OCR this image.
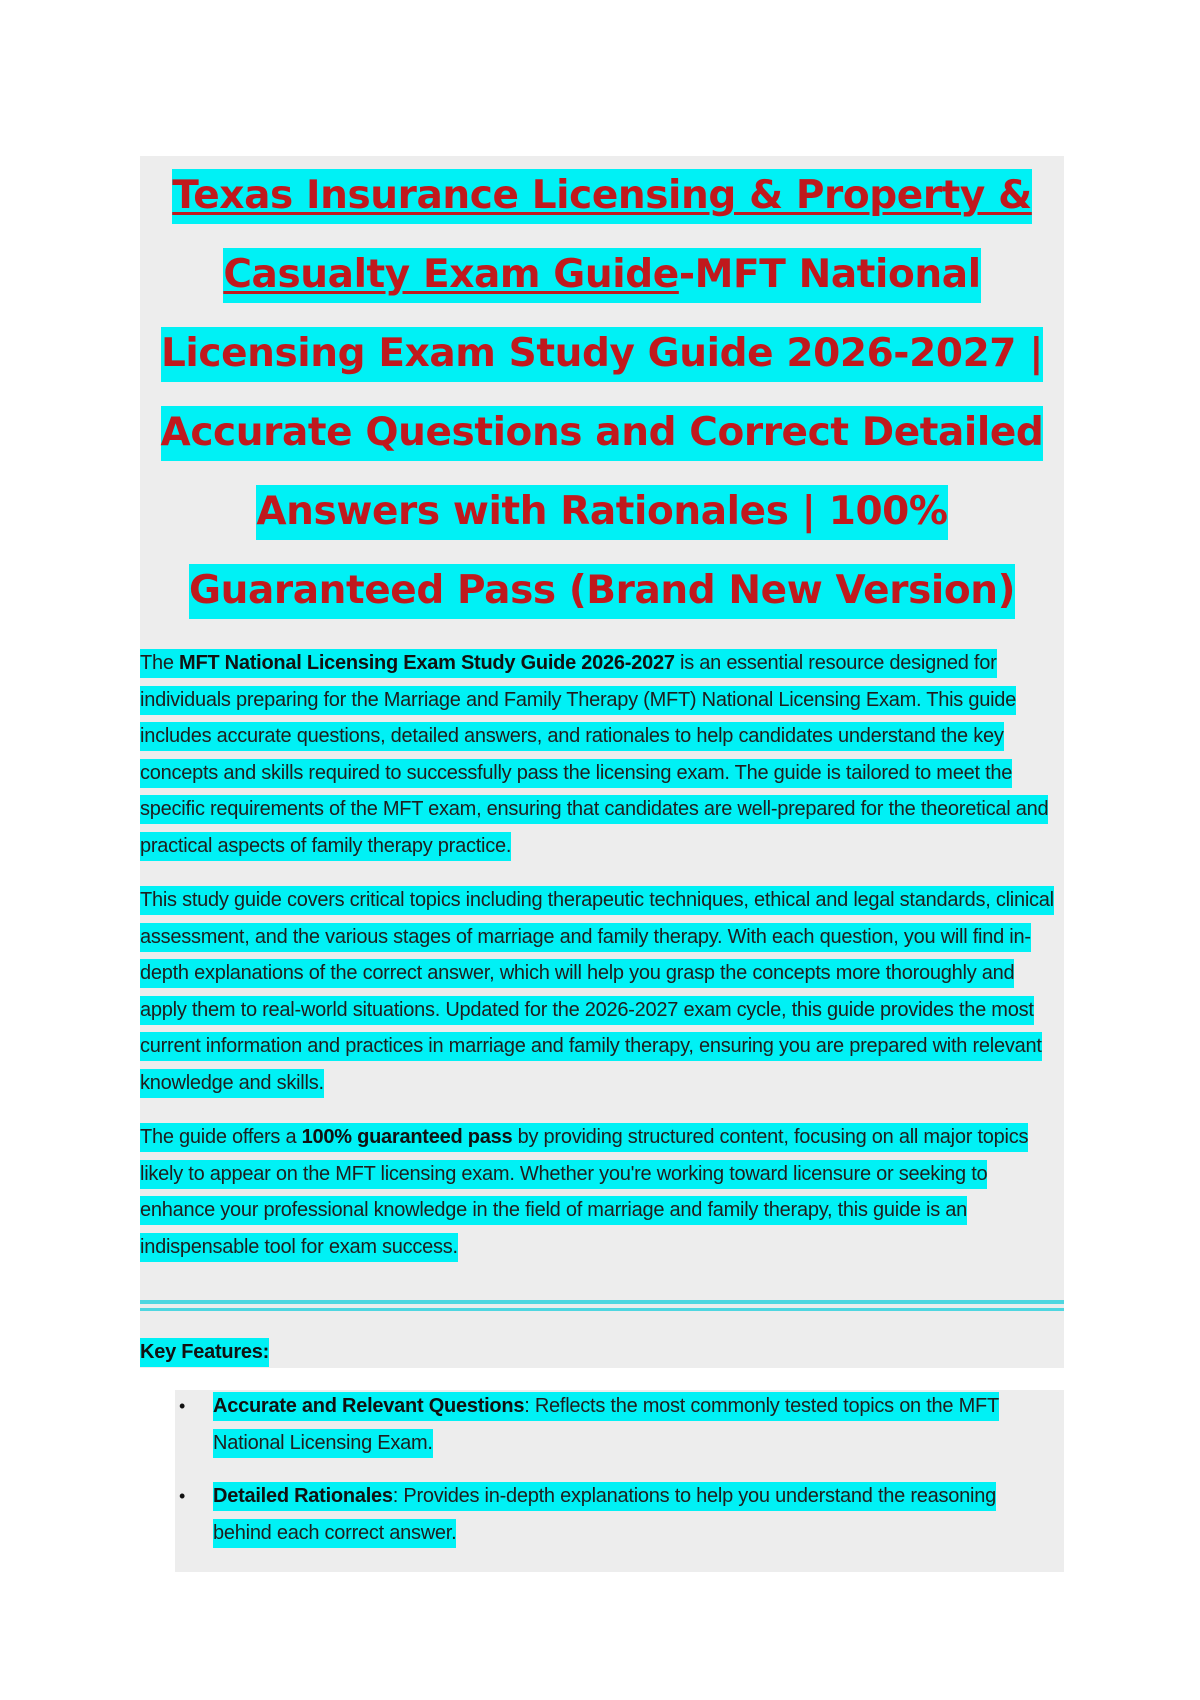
Texas Insurance Licensing & Property & Casualty Exam Guide-MFT National Licensing Exam Study Guide 2026-2027 | Accurate Questions and Correct Detailed Answers with Rationales | 100% Guaranteed Pass (Brand New Version)

The MFT National Licensing Exam Study Guide 2026-2027 is an essential resource designed for individuals preparing for the Marriage and Family Therapy (MFT) National Licensing Exam. This guide includes accurate questions, detailed answers, and rationales to help candidates understand the key concepts and skills required to successfully pass the licensing exam. The guide is tailored to meet the specific requirements of the MFT exam, ensuring that candidates are well-prepared for the theoretical and practical aspects of family therapy practice.

This study guide covers critical topics including therapeutic techniques, ethical and legal standards, clinical assessment, and the various stages of marriage and family therapy. With each question, you will find in-depth explanations of the correct answer, which will help you grasp the concepts more thoroughly and apply them to real-world situations. Updated for the 2026-2027 exam cycle, this guide provides the most current information and practices in marriage and family therapy, ensuring you are prepared with relevant knowledge and skills.

The guide offers a 100% guaranteed pass by providing structured content, focusing on all major topics likely to appear on the MFT licensing exam. Whether you're working toward licensure or seeking to enhance your professional knowledge in the field of marriage and family therapy, this guide is an indispensable tool for exam success.

Key Features:

• Accurate and Relevant Questions: Reflects the most commonly tested topics on the MFT National Licensing Exam.
• Detailed Rationales: Provides in-depth explanations to help you understand the reasoning behind each correct answer.
